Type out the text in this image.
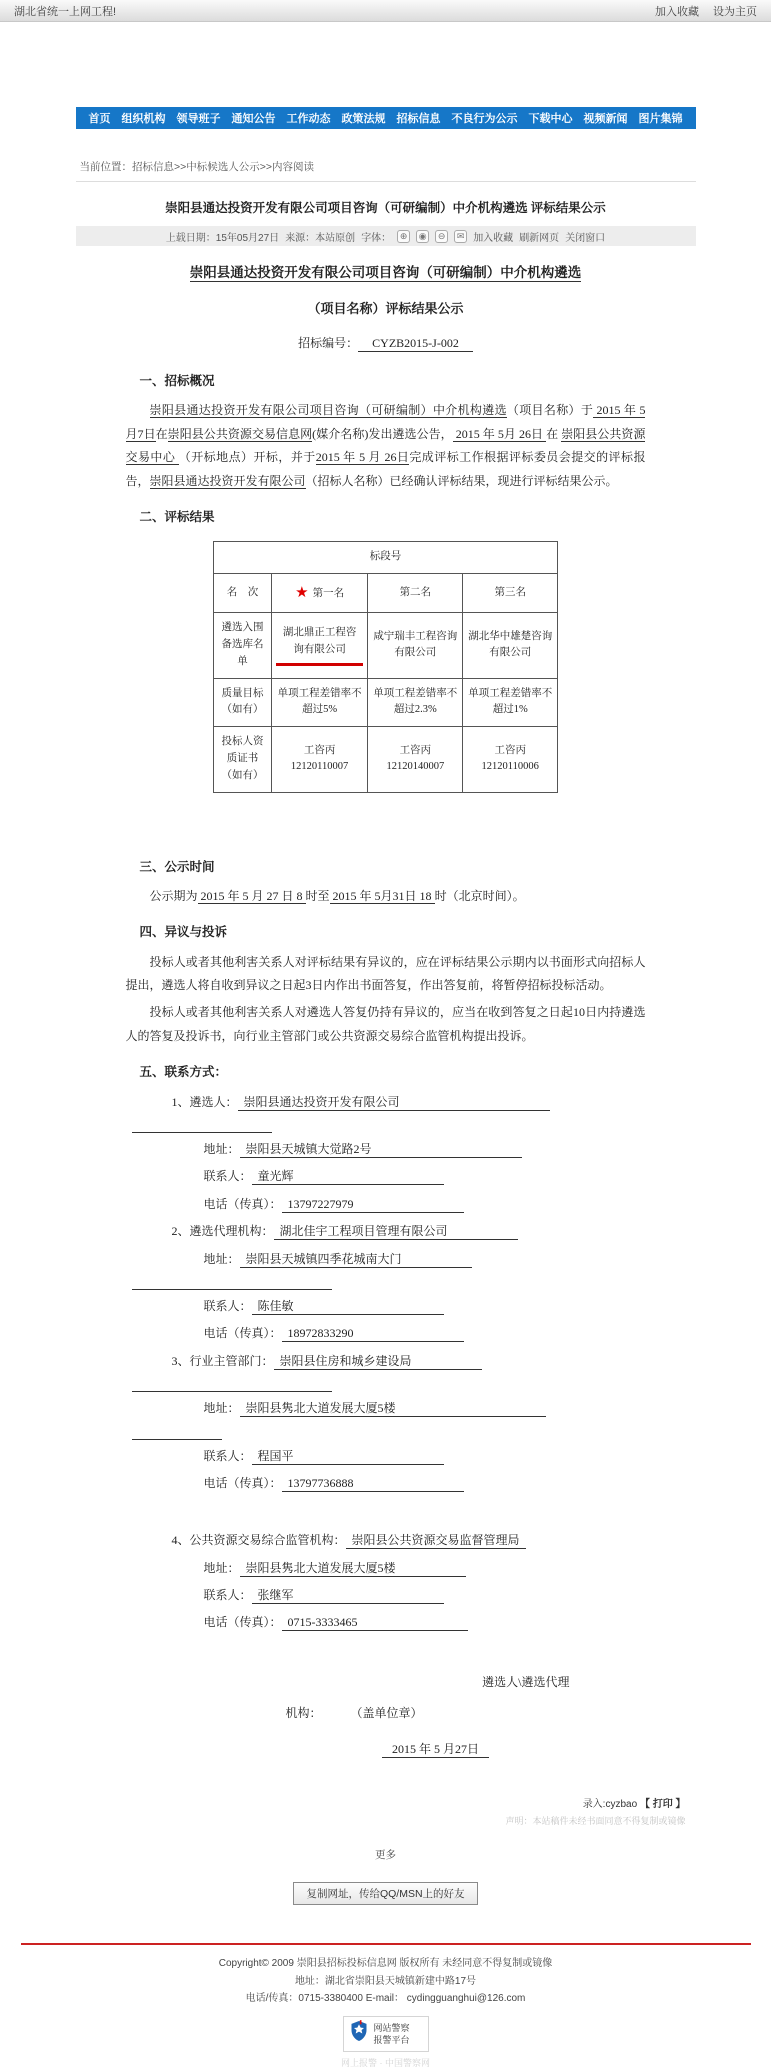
湖北省统一上网工程!	加入收藏 设为主页
首页 组织机构 领导班子 通知公告 工作动态 政策法规 招标信息 不良行为公示 下载中心 视频新闻 图片集锦
当前位置：招标信息>>中标候选人公示>>内容阅读
崇阳县通达投资开发有限公司项目咨询（可研编制）中介机构遴选 评标结果公示
上载日期：15年05月27日 来源：本站原创 字体： ⊕	◉	⊖	✉ 加入收藏 刷新网页 关闭窗口
崇阳县通达投资开发有限公司项目咨询（可研编制）中介机构遴选
（项目名称）评标结果公示
招标编号： CYZB2015-J-002
一、招标概况
崇阳县通达投资开发有限公司项目咨询（可研编制）中介机构遴选（项目名称）于 2015 年 5 月7日在崇阳县公共资源交易信息网(媒介名称)发出遴选公告， 2015 年 5月 26日 在 崇阳县公共资源交易中心 （开标地点）开标，并于2015 年 5 月 26日完成评标工作根据评标委员会提交的评标报告，崇阳县通达投资开发有限公司（招标人名称）已经确认评标结果，现进行评标结果公示。
二、评标结果
标段号			
名　次	★ 第一名	第二名	第三名
遴选入围备选库名单	湖北鼎正工程咨询有限公司	咸宁瑞丰工程咨询有限公司	湖北华中雄楚咨询有限公司
质量目标（如有）	单项工程差错率不超过5%	单项工程差错率不超过2.3%	单项工程差错率不超过1%
投标人资质证书（如有）	工咨丙12120110007	工咨丙12120140007	工咨丙12120110006
三、公示时间
公示期为 2015 年 5 月 27 日 8 时至 2015 年 5月31日 18 时（北京时间）。
四、异议与投诉
投标人或者其他利害关系人对评标结果有异议的，应在评标结果公示期内以书面形式向招标人提出，遴选人将自收到异议之日起3日内作出书面答复，作出答复前，将暂停招标投标活动。
投标人或者其他利害关系人对遴选人答复仍持有异议的，应当在收到答复之日起10日内持遴选人的答复及投诉书，向行业主管部门或公共资源交易综合监管机构提出投诉。
五、联系方式：
1、遴选人： 崇阳县通达投资开发有限公司
地址： 崇阳县天城镇大觉路2号
联系人： 童光辉
电话（传真）： 13797227979
2、遴选代理机构： 湖北佳宇工程项目管理有限公司
地址： 崇阳县天城镇四季花城南大门
联系人： 陈佳敏
电话（传真）： 18972833290
3、行业主管部门： 崇阳县住房和城乡建设局
地址： 崇阳县隽北大道发展大厦5楼
联系人： 程国平
电话（传真）： 13797736888
4、公共资源交易综合监管机构： 崇阳县公共资源交易监督管理局
地址： 崇阳县隽北大道发展大厦5楼
联系人： 张继军
电话（传真）： 0715-3333465
遴选人\遴选代理
机构： （盖单位章）
2015 年 5 月27日
录入:cyzbao 【 打印 】
声明：本站稿件未经书面同意不得复制或镜像
更多
复制网址，传给QQ/MSN上的好友
Copyright© 2009 崇阳县招标投标信息网 版权所有 未经同意不得复制或镜像
地址：湖北省崇阳县天城镇新建中路17号
电话/传真：0715-3380400 E-mail： cydingguanghui@126.com
网站警察
报警平台
网上报警 · 中国警察网
